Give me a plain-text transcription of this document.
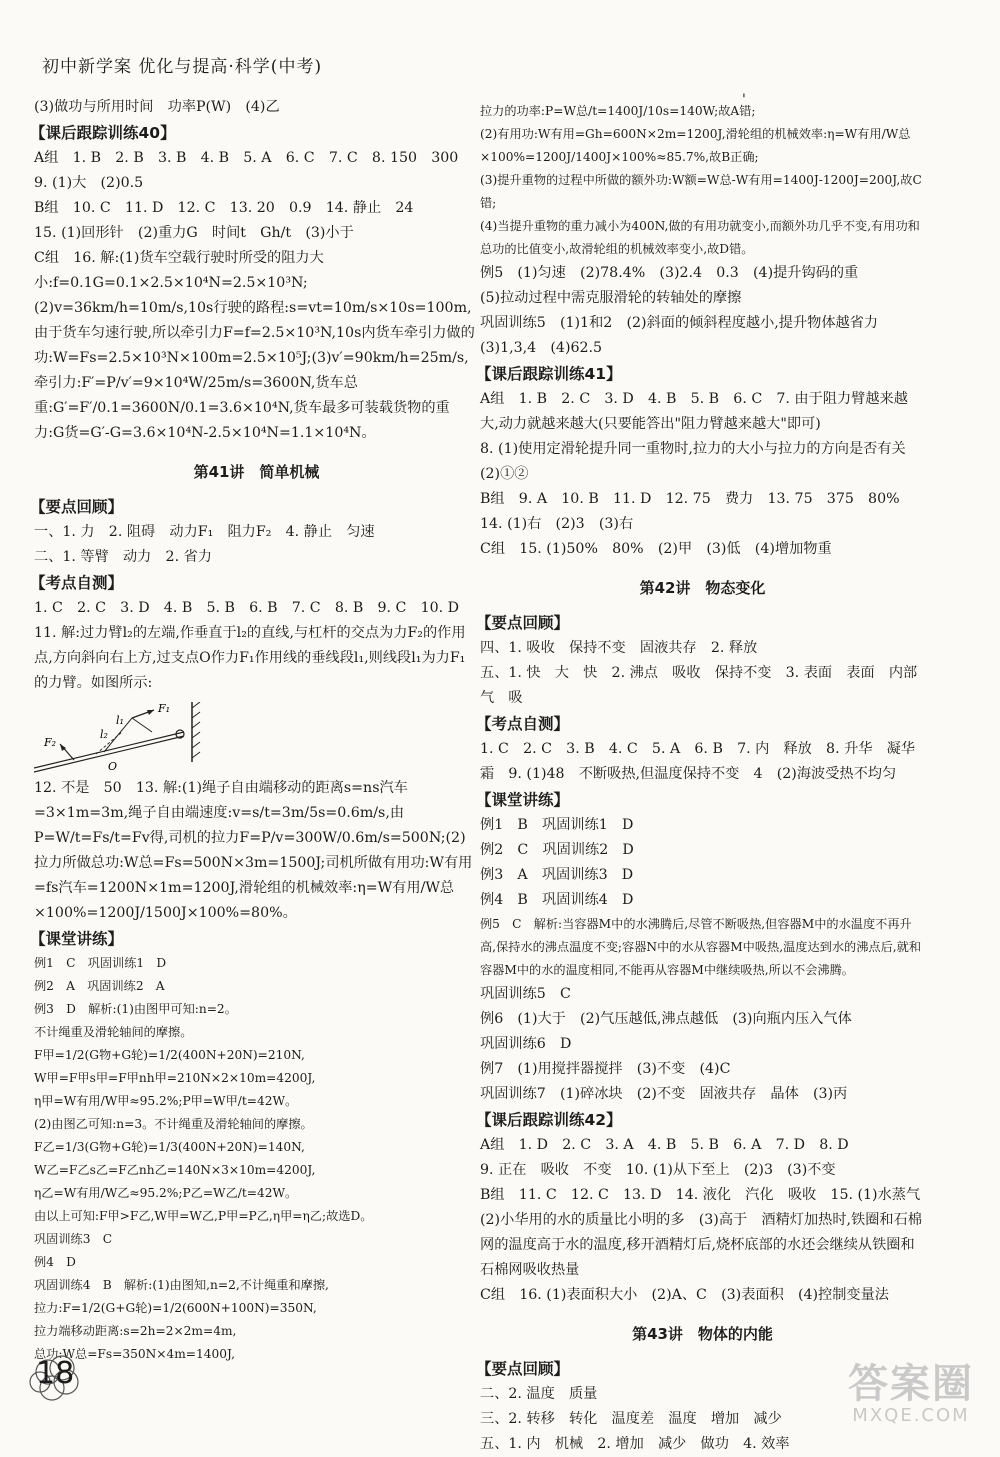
初中新学案 优化与提高·科学(中考)
'

(3)做功与所用时间　功率P(W)　(4)乙

【课后跟踪训练40】

A组　1. B　2. B　3. B　4. B　5. A　6. C　7. C　8. 150　300　9. (1)大　(2)0.5

B组　10. C　11. D　12. C　13. 20　0.9　14. 静止　24

15. (1)回形针　(2)重力G　时间t　Gh/t　(3)小于

C组　16. 解:(1)货车空载行驶时所受的阻力大小:f=0.1G=0.1×2.5×10⁴N=2.5×10³N;(2)v=36km/h=10m/s,10s行驶的路程:s=vt=10m/s×10s=100m,由于货车匀速行驶,所以牵引力F=f=2.5×10³N,10s内货车牵引力做的功:W=Fs=2.5×10³N×100m=2.5×10⁵J;(3)v′=90km/h=25m/s,牵引力:F′=P/v′=9×10⁴W/25m/s=3600N,货车总重:G′=F′/0.1=3600N/0.1=3.6×10⁴N,货车最多可装载货物的重力:G货=G′-G=3.6×10⁴N-2.5×10⁴N=1.1×10⁴N。

第41讲　简单机械

【要点回顾】

一、1. 力　2. 阻碍　动力F₁　阻力F₂　4. 静止　匀速

二、1. 等臂　动力　2. 省力

【考点自测】

1. C　2. C　3. D　4. B　5. B　6. B　7. C　8. B　9. C　10. D

11. 解:过力臂l₂的左端,作垂直于l₂的直线,与杠杆的交点为力F₂的作用点,方向斜向右上方,过支点O作力F₁作用线的垂线段l₁,则线段l₁为力F₁的力臂。如图所示:

F₁
F₂
l₁
l₂
O

12. 不是　50　13. 解:(1)绳子自由端移动的距离s=ns汽车=3×1m=3m,绳子自由端速度:v=s/t=3m/5s=0.6m/s,由P=W/t=Fs/t=Fv得,司机的拉力F=P/v=300W/0.6m/s=500N;(2)拉力所做总功:W总=Fs=500N×3m=1500J;司机所做有用功:W有用=fs汽车=1200N×1m=1200J,滑轮组的机械效率:η=W有用/W总×100%=1200J/1500J×100%=80%。

【课堂讲练】

例1　C　巩固训练1　D

例2　A　巩固训练2　A

例3　D　解析:(1)由图甲可知:n=2。

不计绳重及滑轮轴间的摩擦。

F甲=1/2(G物+G轮)=1/2(400N+20N)=210N,

W甲=F甲s甲=F甲nh甲=210N×2×10m=4200J,

η甲=W有用/W甲≈95.2%;P甲=W甲/t=42W。

(2)由图乙可知:n=3。不计绳重及滑轮轴间的摩擦。

F乙=1/3(G物+G轮)=1/3(400N+20N)=140N,

W乙=F乙s乙=F乙nh乙=140N×3×10m=4200J,

η乙=W有用/W乙≈95.2%;P乙=W乙/t=42W。

由以上可知:F甲>F乙,W甲=W乙,P甲=P乙,η甲=η乙;故选D。

巩固训练3　C

例4　D

巩固训练4　B　解析:(1)由图知,n=2,不计绳重和摩擦,

拉力:F=1/2(G+G轮)=1/2(600N+100N)=350N,

拉力端移动距离:s=2h=2×2m=4m,

总功:W总=Fs=350N×4m=1400J,

拉力的功率:P=W总/t=1400J/10s=140W;故A错;

(2)有用功:W有用=Gh=600N×2m=1200J,滑轮组的机械效率:η=W有用/W总×100%=1200J/1400J×100%≈85.7%,故B正确;

(3)提升重物的过程中所做的额外功:W额=W总-W有用=1400J-1200J=200J,故C错;

(4)当提升重物的重力减小为400N,做的有用功就变小,而额外功几乎不变,有用功和总功的比值变小,故滑轮组的机械效率变小,故D错。

例5　(1)匀速　(2)78.4%　(3)2.4　0.3　(4)提升钩码的重

(5)拉动过程中需克服滑轮的转轴处的摩擦

巩固训练5　(1)1和2　(2)斜面的倾斜程度越小,提升物体越省力　(3)1,3,4　(4)62.5

【课后跟踪训练41】

A组　1. B　2. C　3. D　4. B　5. B　6. C　7. 由于阻力臂越来越大,动力就越来越大(只要能答出"阻力臂越来越大"即可)

8. (1)使用定滑轮提升同一重物时,拉力的大小与拉力的方向是否有关　(2)①②

B组　9. A　10. B　11. D　12. 75　费力　13. 75　375　80%　14. (1)右　(2)3　(3)右

C组　15. (1)50%　80%　(2)甲　(3)低　(4)增加物重

第42讲　物态变化

【要点回顾】

四、1. 吸收　保持不变　固液共存　2. 释放

五、1. 快　大　快　2. 沸点　吸收　保持不变　3. 表面　表面　内部　气　吸

【考点自测】

1. C　2. C　3. B　4. C　5. A　6. B　7. 内　释放　8. 升华　凝华　霜　9. (1)48　不断吸热,但温度保持不变　4　(2)海波受热不均匀

【课堂讲练】

例1　B　巩固训练1　D

例2　C　巩固训练2　D

例3　A　巩固训练3　D

例4　B　巩固训练4　D

例5　C　解析:当容器M中的水沸腾后,尽管不断吸热,但容器M中的水温度不再升高,保持水的沸点温度不变;容器N中的水从容器M中吸热,温度达到水的沸点后,就和容器M中的水的温度相同,不能再从容器M中继续吸热,所以不会沸腾。

巩固训练5　C

例6　(1)大于　(2)气压越低,沸点越低　(3)向瓶内压入气体

巩固训练6　D

例7　(1)用搅拌器搅拌　(3)不变　(4)C

巩固训练7　(1)碎冰块　(2)不变　固液共存　晶体　(3)丙

【课后跟踪训练42】

A组　1. D　2. C　3. A　4. B　5. B　6. A　7. D　8. D

9. 正在　吸收　不变　10. (1)从下至上　(2)3　(3)不变

B组　11. C　12. C　13. D　14. 液化　汽化　吸收　15. (1)水蒸气　(2)小华用的水的质量比小明的多　(3)高于　酒精灯加热时,铁圈和石棉网的温度高于水的温度,移开酒精灯后,烧杯底部的水还会继续从铁圈和石棉网吸收热量

C组　16. (1)表面积大小　(2)A、C　(3)表面积　(4)控制变量法

第43讲　物体的内能

【要点回顾】

二、2. 温度　质量

三、2. 转移　转化　温度差　温度　增加　减少

五、1. 内　机械　2. 增加　减少　做功　4. 效率

18	答案圈
MXQE.COM
